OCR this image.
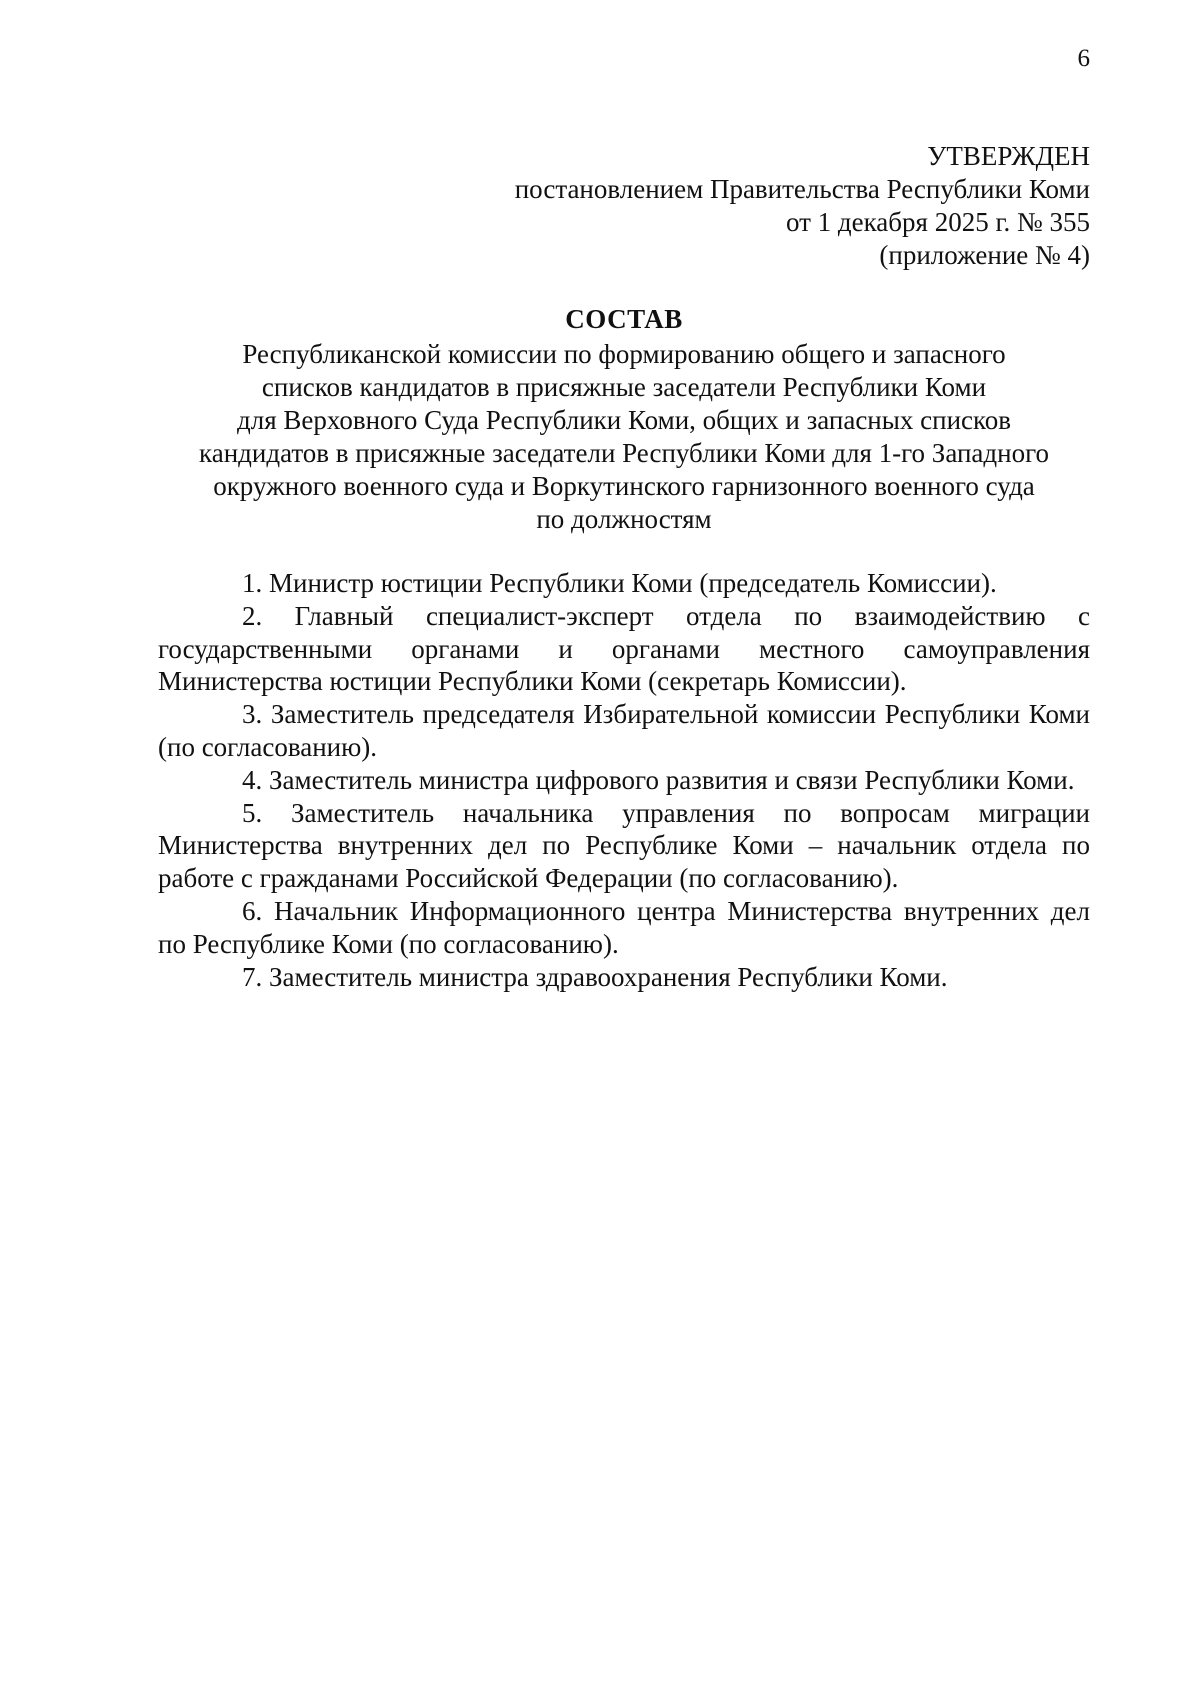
6
УТВЕРЖДЕН
постановлением Правительства Республики Коми
от 1 декабря 2025 г. № 355
(приложение № 4)
СОСТАВ
Республиканской комиссии по формированию общего и запасного
списков кандидатов в присяжные заседатели Республики Коми
для Верховного Суда Республики Коми, общих и запасных списков
кандидатов в присяжные заседатели Республики Коми для 1-го Западного
окружного военного суда и Воркутинского гарнизонного военного суда
по должностям

1. Министр юстиции Республики Коми (председатель Комиссии).

2. Главный специалист-эксперт отдела по взаимодействию с государственными органами и органами местного самоуправления Министерства юстиции Республики Коми (секретарь Комиссии).

3. Заместитель председателя Избирательной комиссии Республики Коми (по согласованию).

4. Заместитель министра цифрового развития и связи Республики Коми.

5. Заместитель начальника управления по вопросам миграции Министерства внутренних дел по Республике Коми – начальник отдела по работе с гражданами Российской Федерации (по согласованию).

6. Начальник Информационного центра Министерства внутренних дел по Республике Коми (по согласованию).

7. Заместитель министра здравоохранения Республики Коми.
